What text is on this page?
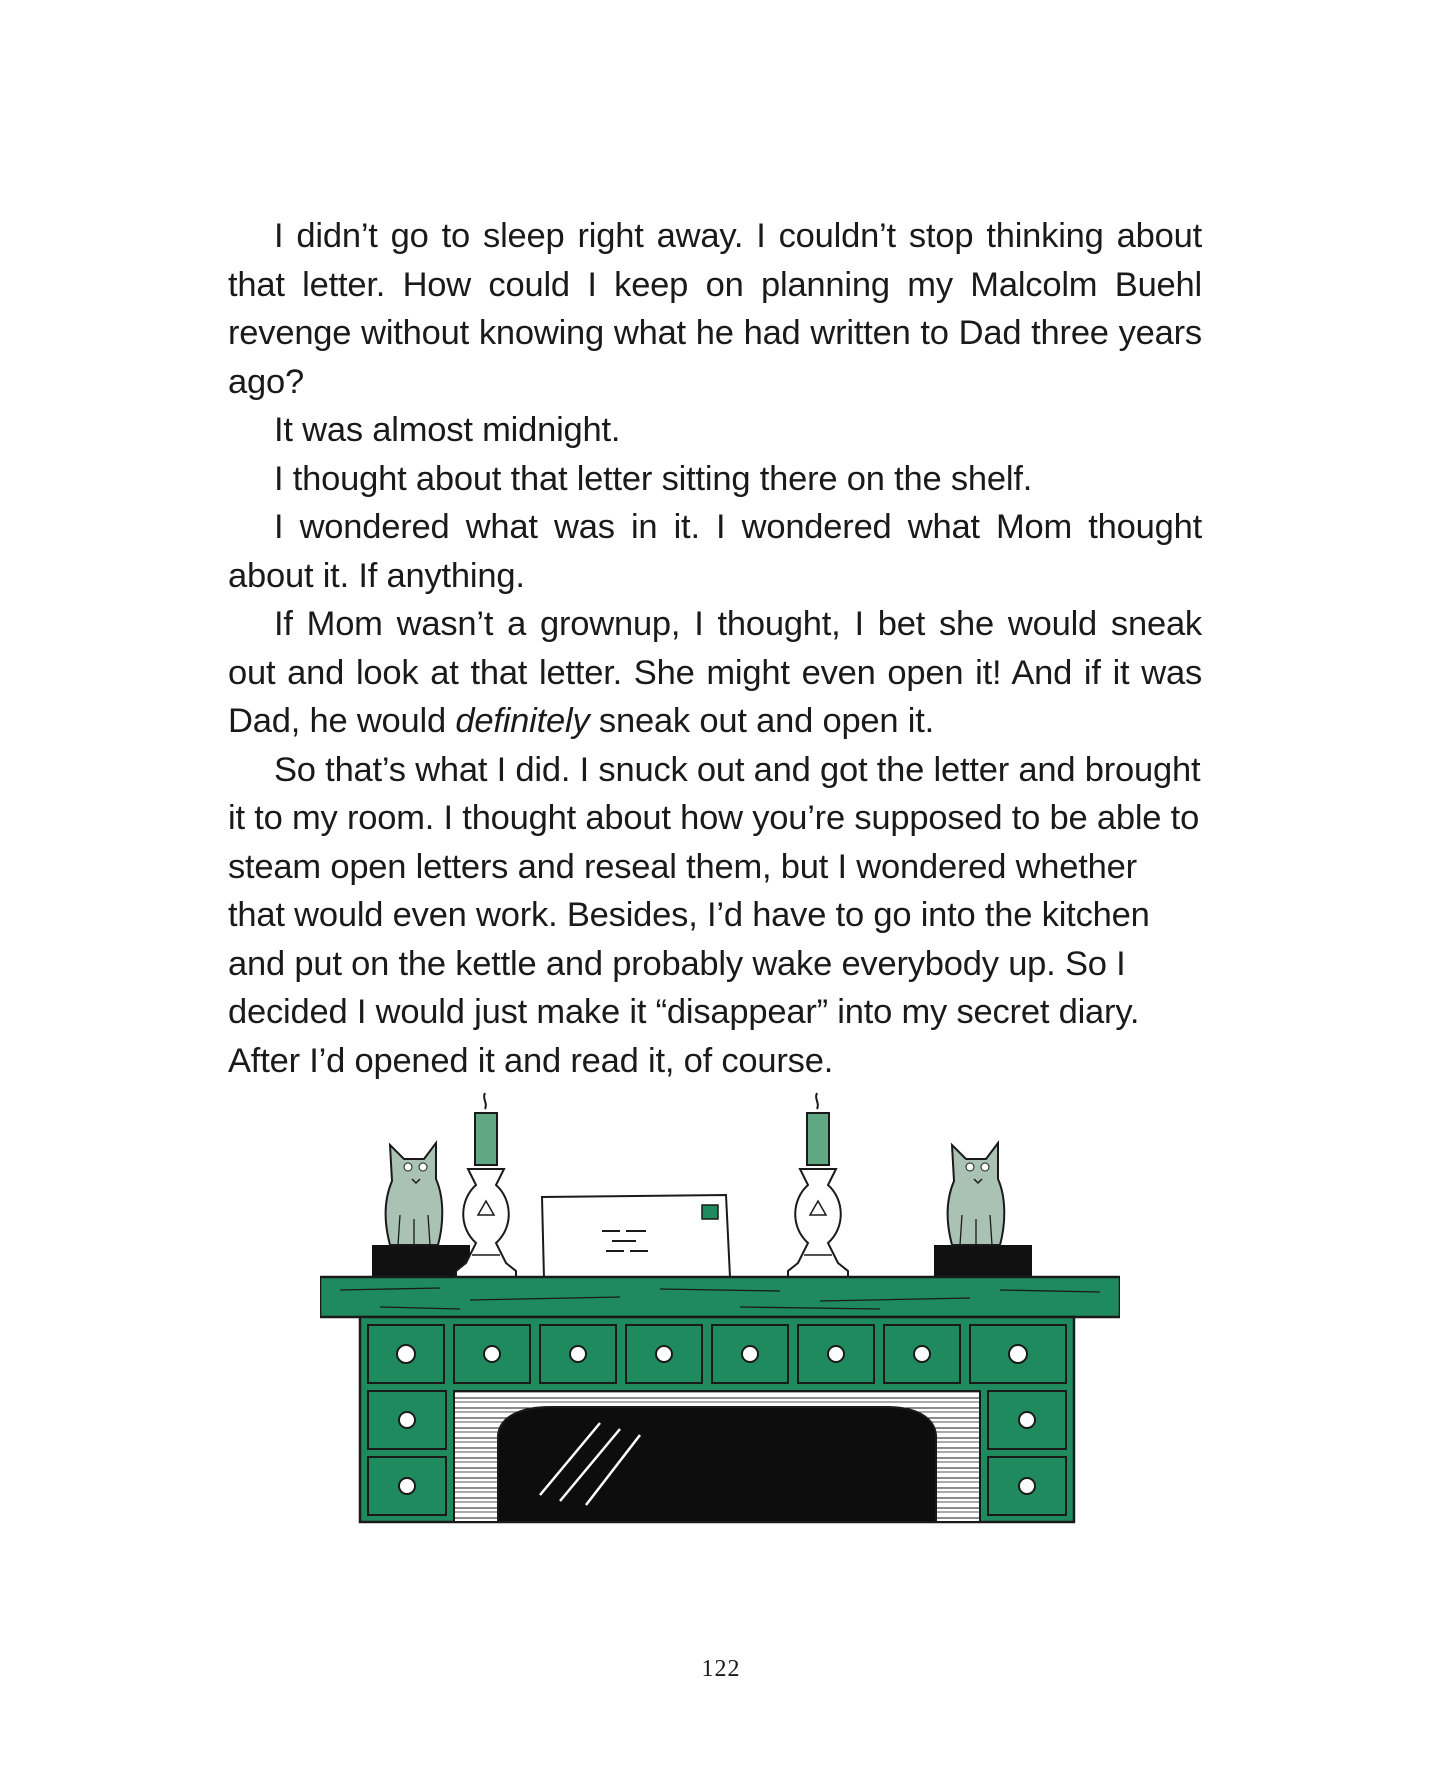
I didn’t go to sleep right away. I couldn’t stop thinking about that letter. How could I keep on planning my Malcolm Buehl revenge without knowing what he had written to Dad three years ago?

It was almost midnight.

I thought about that letter sitting there on the shelf.

I wondered what was in it. I wondered what Mom thought about it. If anything.

If Mom wasn’t a grownup, I thought, I bet she would sneak out and look at that letter. She might even open it! And if it was Dad, he would definitely sneak out and open it.

So that’s what I did. I snuck out and got the letter and brought it to my room. I thought about how you’re supposed to be able to steam open letters and reseal them, but I wondered whether that would even work. Besides, I’d have to go into the kitchen and put on the kettle and probably wake everybody up. So I decided I would just make it “disappear” into my secret diary. After I’d opened it and read it, of course.

122
